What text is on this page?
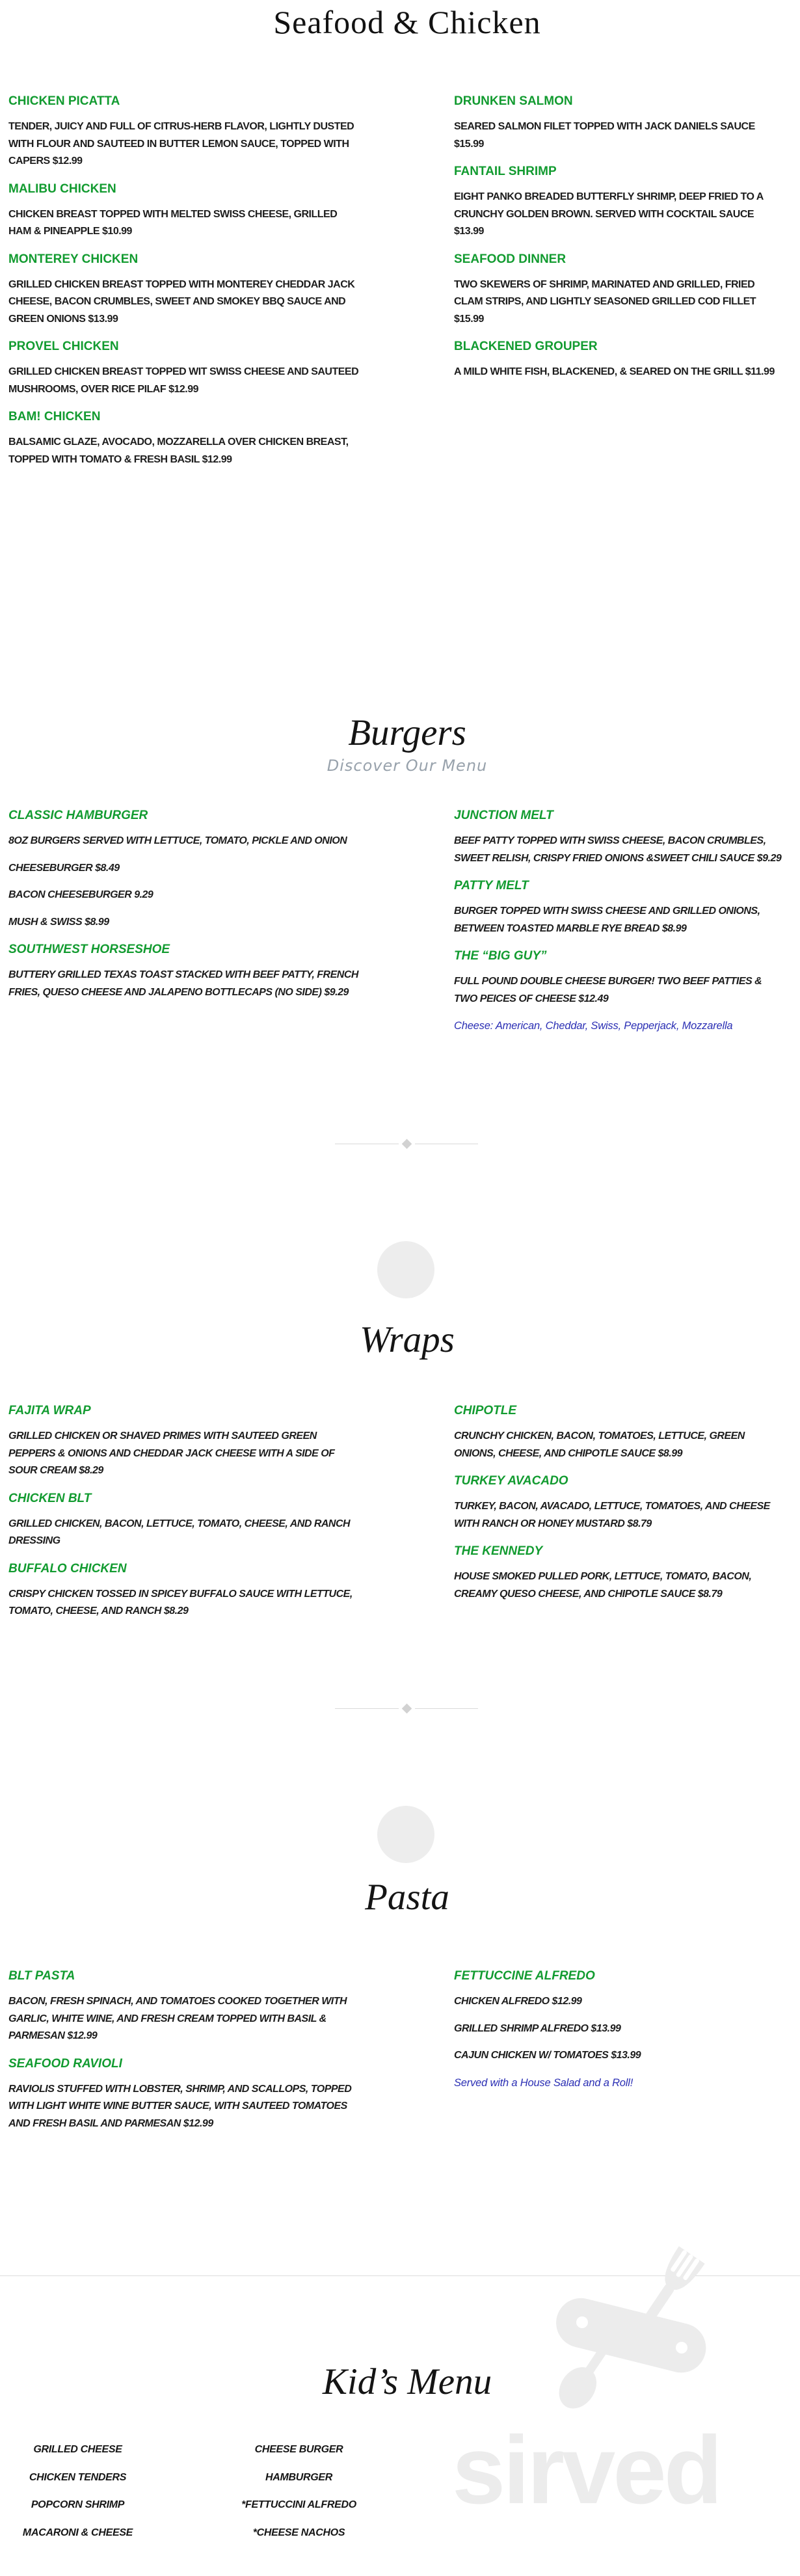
Seafood & Chicken
CHICKEN PICATTA

TENDER, JUICY AND FULL OF CITRUS-HERB FLAVOR, LIGHTLY DUSTED WITH FLOUR AND SAUTEED IN BUTTER LEMON SAUCE, TOPPED WITH CAPERS $12.99

MALIBU CHICKEN

CHICKEN BREAST TOPPED WITH MELTED SWISS CHEESE, GRILLED HAM & PINEAPPLE $10.99

MONTEREY CHICKEN

GRILLED CHICKEN BREAST TOPPED WITH MONTEREY CHEDDAR JACK CHEESE, BACON CRUMBLES, SWEET AND SMOKEY BBQ SAUCE AND GREEN ONIONS $13.99

PROVEL CHICKEN

GRILLED CHICKEN BREAST TOPPED WIT SWISS CHEESE AND SAUTEED MUSHROOMS, OVER RICE PILAF $12.99

BAM! CHICKEN

BALSAMIC GLAZE, AVOCADO, MOZZARELLA OVER CHICKEN BREAST, TOPPED WITH TOMATO & FRESH BASIL $12.99

DRUNKEN SALMON

SEARED SALMON FILET TOPPED WITH JACK DANIELS SAUCE $15.99

FANTAIL SHRIMP

EIGHT PANKO BREADED BUTTERFLY SHRIMP, DEEP FRIED TO A CRUNCHY GOLDEN BROWN. SERVED WITH COCKTAIL SAUCE $13.99

SEAFOOD DINNER

TWO SKEWERS OF SHRIMP, MARINATED AND GRILLED, FRIED CLAM STRIPS, AND LIGHTLY SEASONED GRILLED COD FILLET $15.99

BLACKENED GROUPER

A MILD WHITE FISH, BLACKENED, & SEARED ON THE GRILL $11.99

Burgers

Discover Our Menu

CLASSIC HAMBURGER

8OZ BURGERS SERVED WITH LETTUCE, TOMATO, PICKLE AND ONION

CHEESEBURGER $8.49

BACON CHEESEBURGER 9.29

MUSH & SWISS $8.99

SOUTHWEST HORSESHOE

BUTTERY GRILLED TEXAS TOAST STACKED WITH BEEF PATTY, FRENCH FRIES, QUESO CHEESE AND JALAPENO BOTTLECAPS (NO SIDE) $9.29

JUNCTION MELT

BEEF PATTY TOPPED WITH SWISS CHEESE, BACON CRUMBLES, SWEET RELISH, CRISPY FRIED ONIONS &SWEET CHILI SAUCE $9.29

PATTY MELT

BURGER TOPPED WITH SWISS CHEESE AND GRILLED ONIONS, BETWEEN TOASTED MARBLE RYE BREAD $8.99

THE “BIG GUY”

FULL POUND DOUBLE CHEESE BURGER! TWO BEEF PATTIES & TWO PEICES OF CHEESE $12.49

Cheese: American, Cheddar, Swiss, Pepperjack, Mozzarella

Wraps
FAJITA WRAP

GRILLED CHICKEN OR SHAVED PRIMES WITH SAUTEED GREEN PEPPERS & ONIONS AND CHEDDAR JACK CHEESE WITH A SIDE OF SOUR CREAM $8.29

CHICKEN BLT

GRILLED CHICKEN, BACON, LETTUCE, TOMATO, CHEESE, AND RANCH DRESSING

BUFFALO CHICKEN

CRISPY CHICKEN TOSSED IN SPICEY BUFFALO SAUCE WITH LETTUCE, TOMATO, CHEESE, AND RANCH $8.29

CHIPOTLE

CRUNCHY CHICKEN, BACON, TOMATOES, LETTUCE, GREEN ONIONS, CHEESE, AND CHIPOTLE SAUCE $8.99

TURKEY AVACADO

TURKEY, BACON, AVACADO, LETTUCE, TOMATOES, AND CHEESE WITH RANCH OR HONEY MUSTARD $8.79

THE KENNEDY

HOUSE SMOKED PULLED PORK, LETTUCE, TOMATO, BACON, CREAMY QUESO CHEESE, AND CHIPOTLE SAUCE $8.79

Pasta
BLT PASTA

BACON, FRESH SPINACH, AND TOMATOES COOKED TOGETHER WITH GARLIC, WHITE WINE, AND FRESH CREAM TOPPED WITH BASIL & PARMESAN $12.99

SEAFOOD RAVIOLI

RAVIOLIS STUFFED WITH LOBSTER, SHRIMP, AND SCALLOPS, TOPPED WITH LIGHT WHITE WINE BUTTER SAUCE, WITH SAUTEED TOMATOES AND FRESH BASIL AND PARMESAN $12.99

FETTUCCINE ALFREDO

CHICKEN ALFREDO $12.99

GRILLED SHRIMP ALFREDO $13.99

CAJUN CHICKEN W/ TOMATOES $13.99

Served with a House Salad and a Roll!

sirved
Kid’s Menu

GRILLED CHEESE

CHICKEN TENDERS

POPCORN SHRIMP

MACARONI & CHEESE

CHEESE BURGER

HAMBURGER

*FETTUCCINI ALFREDO

*CHEESE NACHOS
